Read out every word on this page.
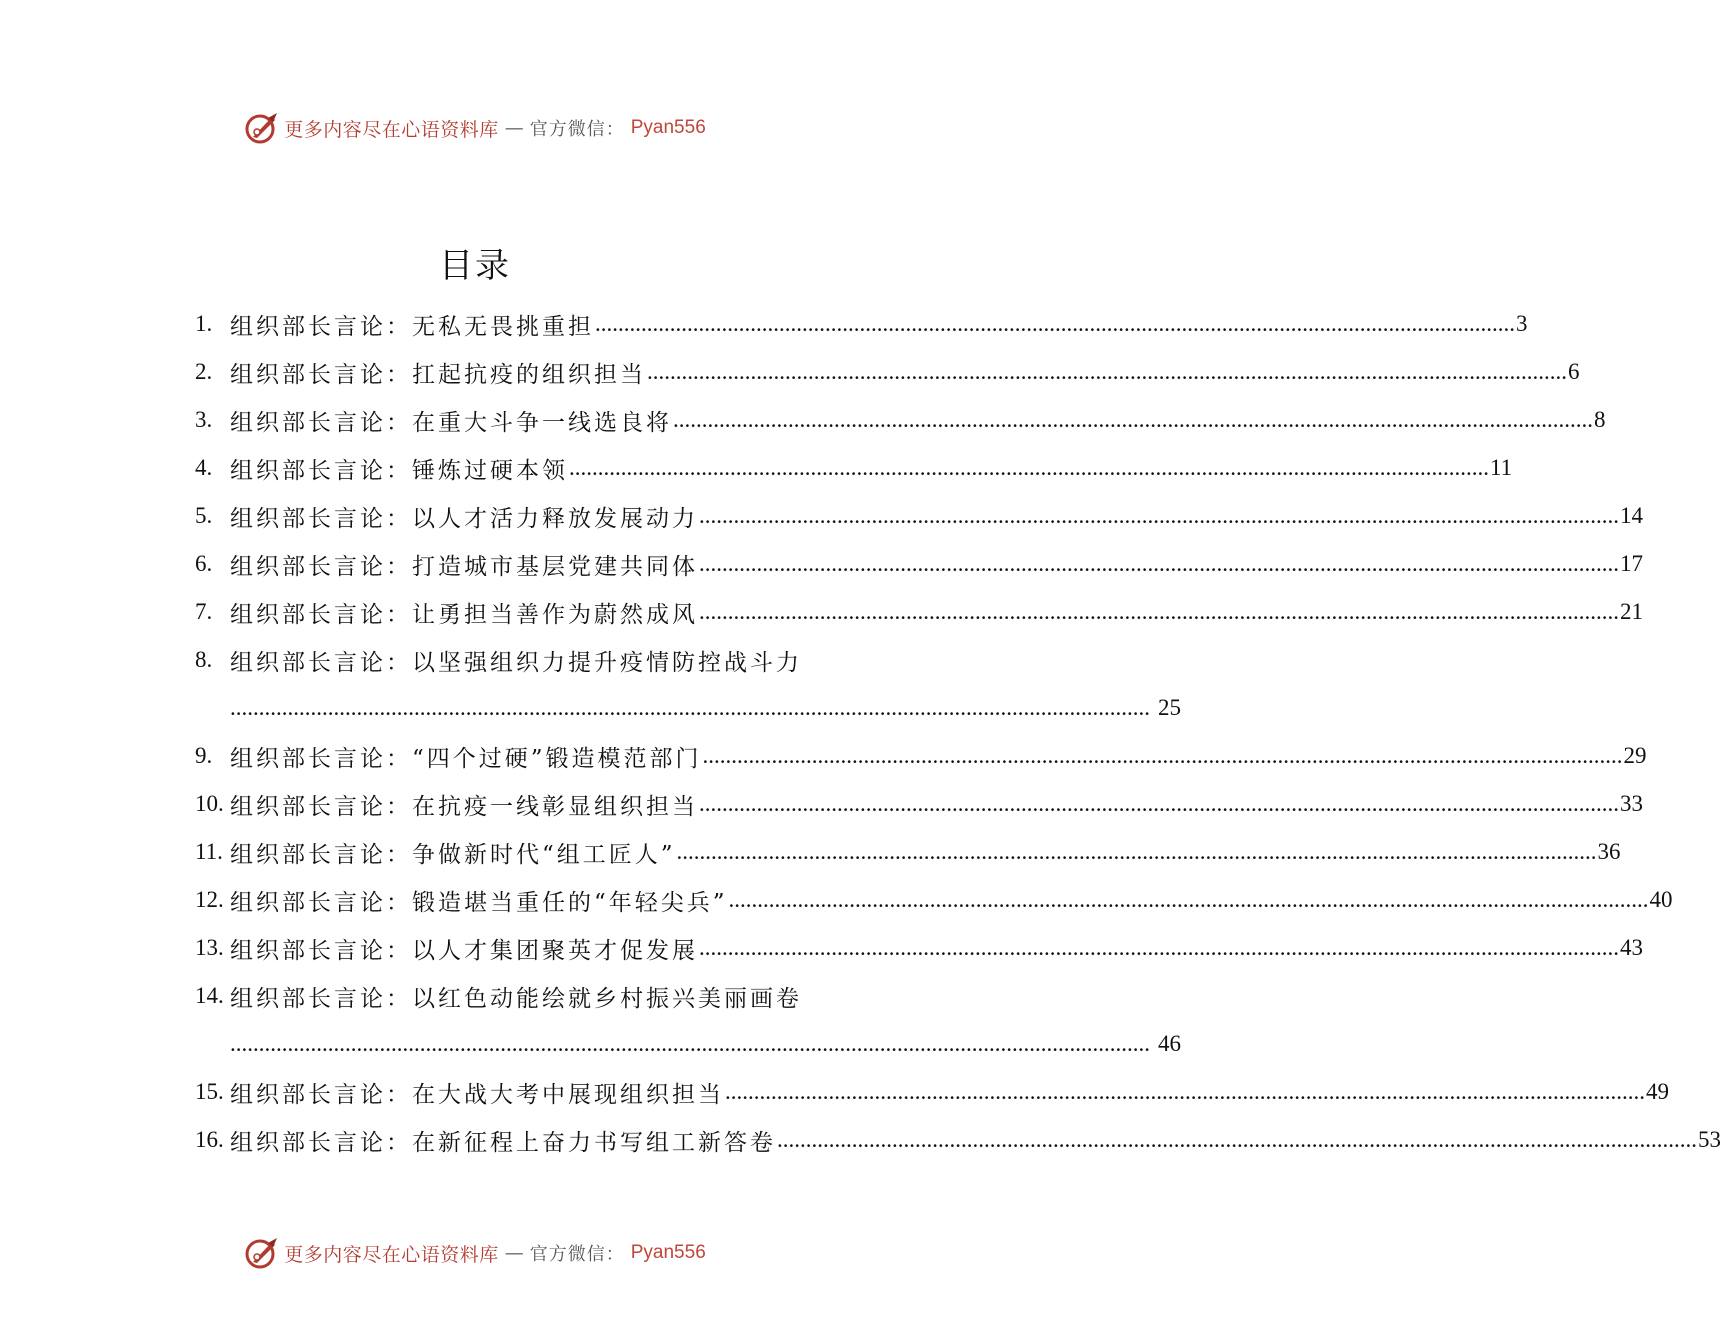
更多内容尽在心语资料库 — 官方微信： Pyan556
目录
1. 组织部长言论：无私无畏挑重担 ................................................................................................................................................................ 3
2. 组织部长言论：扛起抗疫的组织担当 ................................................................................................................................................................ 6
3. 组织部长言论：在重大斗争一线选良将 ................................................................................................................................................................ 8
4. 组织部长言论：锤炼过硬本领 ................................................................................................................................................................ 11
5. 组织部长言论：以人才活力释放发展动力 ................................................................................................................................................................ 14
6. 组织部长言论：打造城市基层党建共同体 ................................................................................................................................................................ 17
7. 组织部长言论：让勇担当善作为蔚然成风 ................................................................................................................................................................ 21
8. 组织部长言论：以坚强组织力提升疫情防控战斗力
................................................................................................................................................................ 25
9. 组织部长言论：“四个过硬”锻造模范部门 ................................................................................................................................................................ 29
10. 组织部长言论：在抗疫一线彰显组织担当 ................................................................................................................................................................ 33
11. 组织部长言论：争做新时代“组工匠人” ................................................................................................................................................................ 36
12. 组织部长言论：锻造堪当重任的“年轻尖兵” ................................................................................................................................................................ 40
13. 组织部长言论：以人才集团聚英才促发展 ................................................................................................................................................................ 43
14. 组织部长言论：以红色动能绘就乡村振兴美丽画卷
................................................................................................................................................................ 46
15. 组织部长言论：在大战大考中展现组织担当 ................................................................................................................................................................ 49
16. 组织部长言论：在新征程上奋力书写组工新答卷 ................................................................................................................................................................ 53
更多内容尽在心语资料库 — 官方微信： Pyan556
